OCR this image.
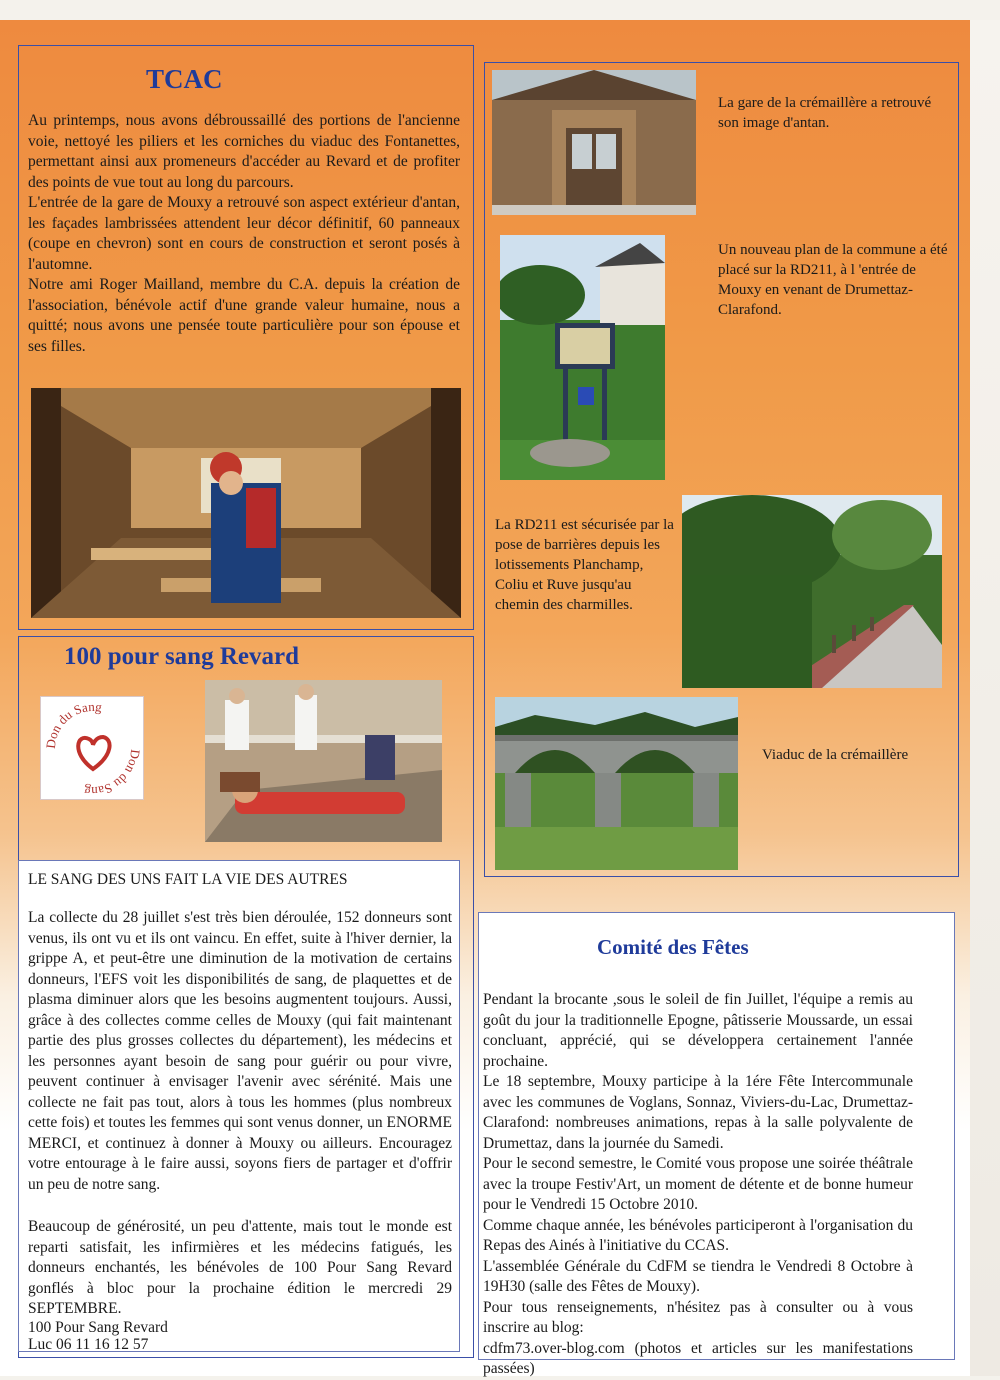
TCAC

Au printemps, nous avons débroussaillé des portions de l'ancienne voie, nettoyé les piliers et les corniches du viaduc des Fontanettes, permettant ainsi aux promeneurs d'accéder au Revard et de profiter des points de vue tout au long du parcours.

L'entrée de la gare de Mouxy a retrouvé son aspect extérieur d'antan, les façades lambrissées attendent leur décor définitif, 60 panneaux (coupe en chevron) sont en cours de construction et seront posés à l'automne.

Notre ami Roger Mailland, membre du C.A. depuis la création de l'association, bénévole actif d'une grande valeur humaine, nous a quitté; nous avons une pensée toute particulière pour son épouse et ses filles.

La gare de la crémaillère a retrouvé son image d'antan.
Un nouveau plan de la commune a été placé sur la RD211, à l 'entrée de Mouxy en venant de Drumettaz-Clarafond.
La RD211 est sécurisée par la pose de barrières depuis les lotissements Planchamp, Coliu et Ruve jusqu'au chemin des charmilles.
Viaduc de la crémaillère
100 pour sang Revard
Don du Sang
Don du Sang
LE SANG DES UNS FAIT LA VIE DES AUTRES
La collecte du 28 juillet s'est très bien déroulée, 152 donneurs sont venus, ils ont vu et ils ont vaincu. En effet, suite à l'hiver dernier, la grippe A, et peut-être une diminution de la motivation de certains donneurs, l'EFS voit les disponibilités de sang, de plaquettes et de plasma diminuer alors que les besoins augmentent toujours. Aussi, grâce à des collectes comme celles de Mouxy (qui fait maintenant partie des plus grosses collectes du département), les médecins et les personnes ayant besoin de sang pour guérir ou pour vivre, peuvent continuer à envisager l'avenir avec sérénité. Mais une collecte ne fait pas tout, alors à tous les hommes (plus nombreux cette fois) et toutes les femmes qui sont venus donner, un ENORME MERCI, et continuez à donner à Mouxy ou ailleurs. Encouragez votre entourage à le faire aussi, soyons fiers de partager et d'offrir un peu de notre sang.
Beaucoup de générosité, un peu d'attente, mais tout le monde est reparti satisfait, les infirmières et les médecins fatigués, les donneurs enchantés, les bénévoles de 100 Pour Sang Revard gonflés à bloc pour la prochaine édition le mercredi 29 SEPTEMBRE.
100 Pour Sang Revard
Luc 06 11 16 12 57
Comité des Fêtes

Pendant la brocante ,sous le soleil de fin Juillet, l'équipe a remis au goût du jour la traditionnelle Epogne, pâtisserie Moussarde, un essai concluant, apprécié, qui se développera certainement l'année prochaine.

Le 18 septembre, Mouxy participe à la 1ére Fête Intercommunale avec les communes de Voglans, Sonnaz, Viviers-du-Lac, Drumettaz-Clarafond: nombreuses animations, repas à la salle polyvalente de Drumettaz, dans la journée du Samedi.

Pour le second semestre, le Comité vous propose une soirée théâtrale avec la troupe Festiv'Art, un moment de détente et de bonne humeur pour le Vendredi 15 Octobre 2010.

Comme chaque année, les bénévoles participeront à l'organisation du Repas des Ainés à l'initiative du CCAS.

L'assemblée Générale du CdFM se tiendra le Vendredi 8 Octobre à 19H30 (salle des Fêtes de Mouxy).

Pour tous renseignements, n'hésitez pas à consulter ou à vous inscrire au blog:

cdfm73.over-blog.com (photos et articles sur les manifestations passées)
